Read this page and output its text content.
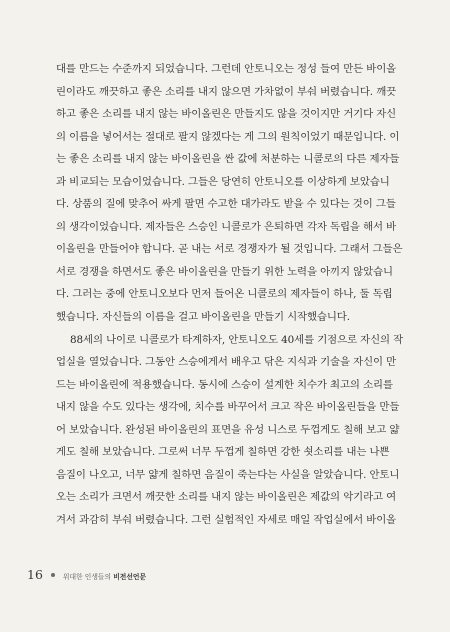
대를 만드는 수준까지 되었습니다. 그런데 안토니오는 정성 들여 만든 바이올
린이라도 깨끗하고 좋은 소리를 내지 않으면 가차없이 부숴 버렸습니다. 깨끗
하고 좋은 소리를 내지 않는 바이올린은 만들지도 않을 것이지만 거기다 자신
의 이름을 넣어서는 절대로 팔지 않겠다는 게 그의 원칙이었기 때문입니다. 이
는 좋은 소리를 내지 않는 바이올린을 싼 값에 처분하는 니콜로의 다른 제자들
과 비교되는 모습이었습니다. 그들은 당연히 안토니오를 이상하게 보았습니
다. 상품의 질에 맞추어 싸게 팔면 수고한 대가라도 받을 수 있다는 것이 그들
의 생각이었습니다. 제자들은 스승인 니콜로가 은퇴하면 각자 독립을 해서 바
이올린을 만들어야 합니다. 곧 내는 서로 경쟁자가 될 것입니다. 그래서 그들은
서로 경쟁을 하면서도 좋은 바이올린을 만들기 위한 노력을 아끼지 않았습니
다. 그러는 중에 안토니오보다 먼저 들어온 니콜로의 제자들이 하나, 둘 독립
했습니다. 자신들의 이름을 걸고 바이올린을 만들기 시작했습니다.
88세의 나이로 니콜로가 타계하자, 안토니오도 40세를 기점으로 자신의 작
업실을 열었습니다. 그동안 스승에게서 배우고 닦은 지식과 기술을 자신이 만
드는 바이올린에 적용했습니다. 동시에 스승이 설계한 치수가 최고의 소리를
내지 않을 수도 있다는 생각에, 치수를 바꾸어서 크고 작은 바이올린들을 만들
어 보았습니다. 완성된 바이올린의 표면을 유성 니스로 두껍게도 칠해 보고 얇
게도 칠해 보았습니다. 그로써 너무 두껍게 칠하면 강한 쇳소리를 내는 나쁜
음질이 나오고, 너무 얇게 칠하면 음질이 죽는다는 사실을 알았습니다. 안토니
오는 소리가 크면서 깨끗한 소리를 내지 않는 바이올린은 제값의 악기라고 여
겨서 과감히 부숴 버렸습니다. 그런 실험적인 자세로 매일 작업실에서 바이올
16	위대한 인생들의 비전선언문
